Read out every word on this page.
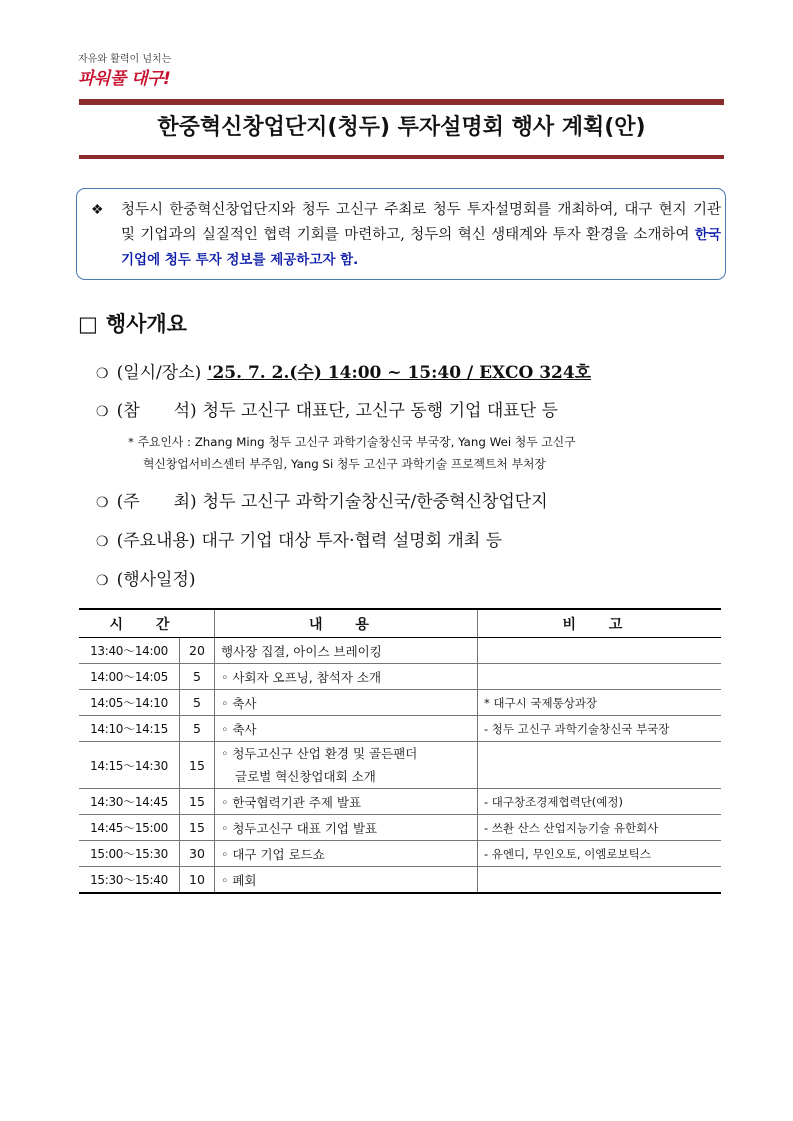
자유와 활력이 넘치는
파워풀 대구!
한중혁신창업단지(청두) 투자설명회 행사 계획(안)
❖ 청두시 한중혁신창업단지와 청두 고신구 주최로 청두 투자설명회를 개최하여, 대구 현지 기관 및 기업과의 실질적인 협력 기회를 마련하고, 청두의 혁신 생태계와 투자 환경을 소개하여 한국 기업에 청두 투자 정보를 제공하고자 함.
□ 행사개요
❍ (일시/장소) '25. 7. 2.(수) 14:00 ~ 15:40 / EXCO 324호
❍ (참　　석) 청두 고신구 대표단, 고신구 동행 기업 대표단 등
* 주요인사 : Zhang Ming 청두 고신구 과학기술창신국 부국장, Yang Wei 청두 고신구
혁신창업서비스센터 부주임, Yang Si 청두 고신구 과학기술 프로젝트처 부처장
❍ (주　　최) 청두 고신구 과학기술창신국/한중혁신창업단지
❍ (주요내용) 대구 기업 대상 투자·협력 설명회 개최 등
❍ (행사일정)
시 간		내 용	비 고
13:40～14:00	20	행사장 집결, 아이스 브레이킹	
14:00～14:05	5	◦ 사회자 오프닝, 참석자 소개	
14:05～14:10	5	◦ 축사	* 대구시 국제통상과장
14:10～14:15	5	◦ 축사	- 청두 고신구 과학기술창신국 부국장
14:15～14:30	15	◦ 청두고신구 산업 환경 및 골든팬더
글로벌 혁신창업대회 소개	

14:30～14:45	15	◦ 한국협력기관 주제 발표	- 대구창조경제협력단(예정)
14:45～15:00	15	◦ 청두고신구 대표 기업 발표	- 쓰촨 산스 산업지능기술 유한회사
15:00～15:30	30	◦ 대구 기업 로드쇼	- 유엔디, 무인오토, 이엠로보틱스
15:30～15:40	10	◦ 폐회	
